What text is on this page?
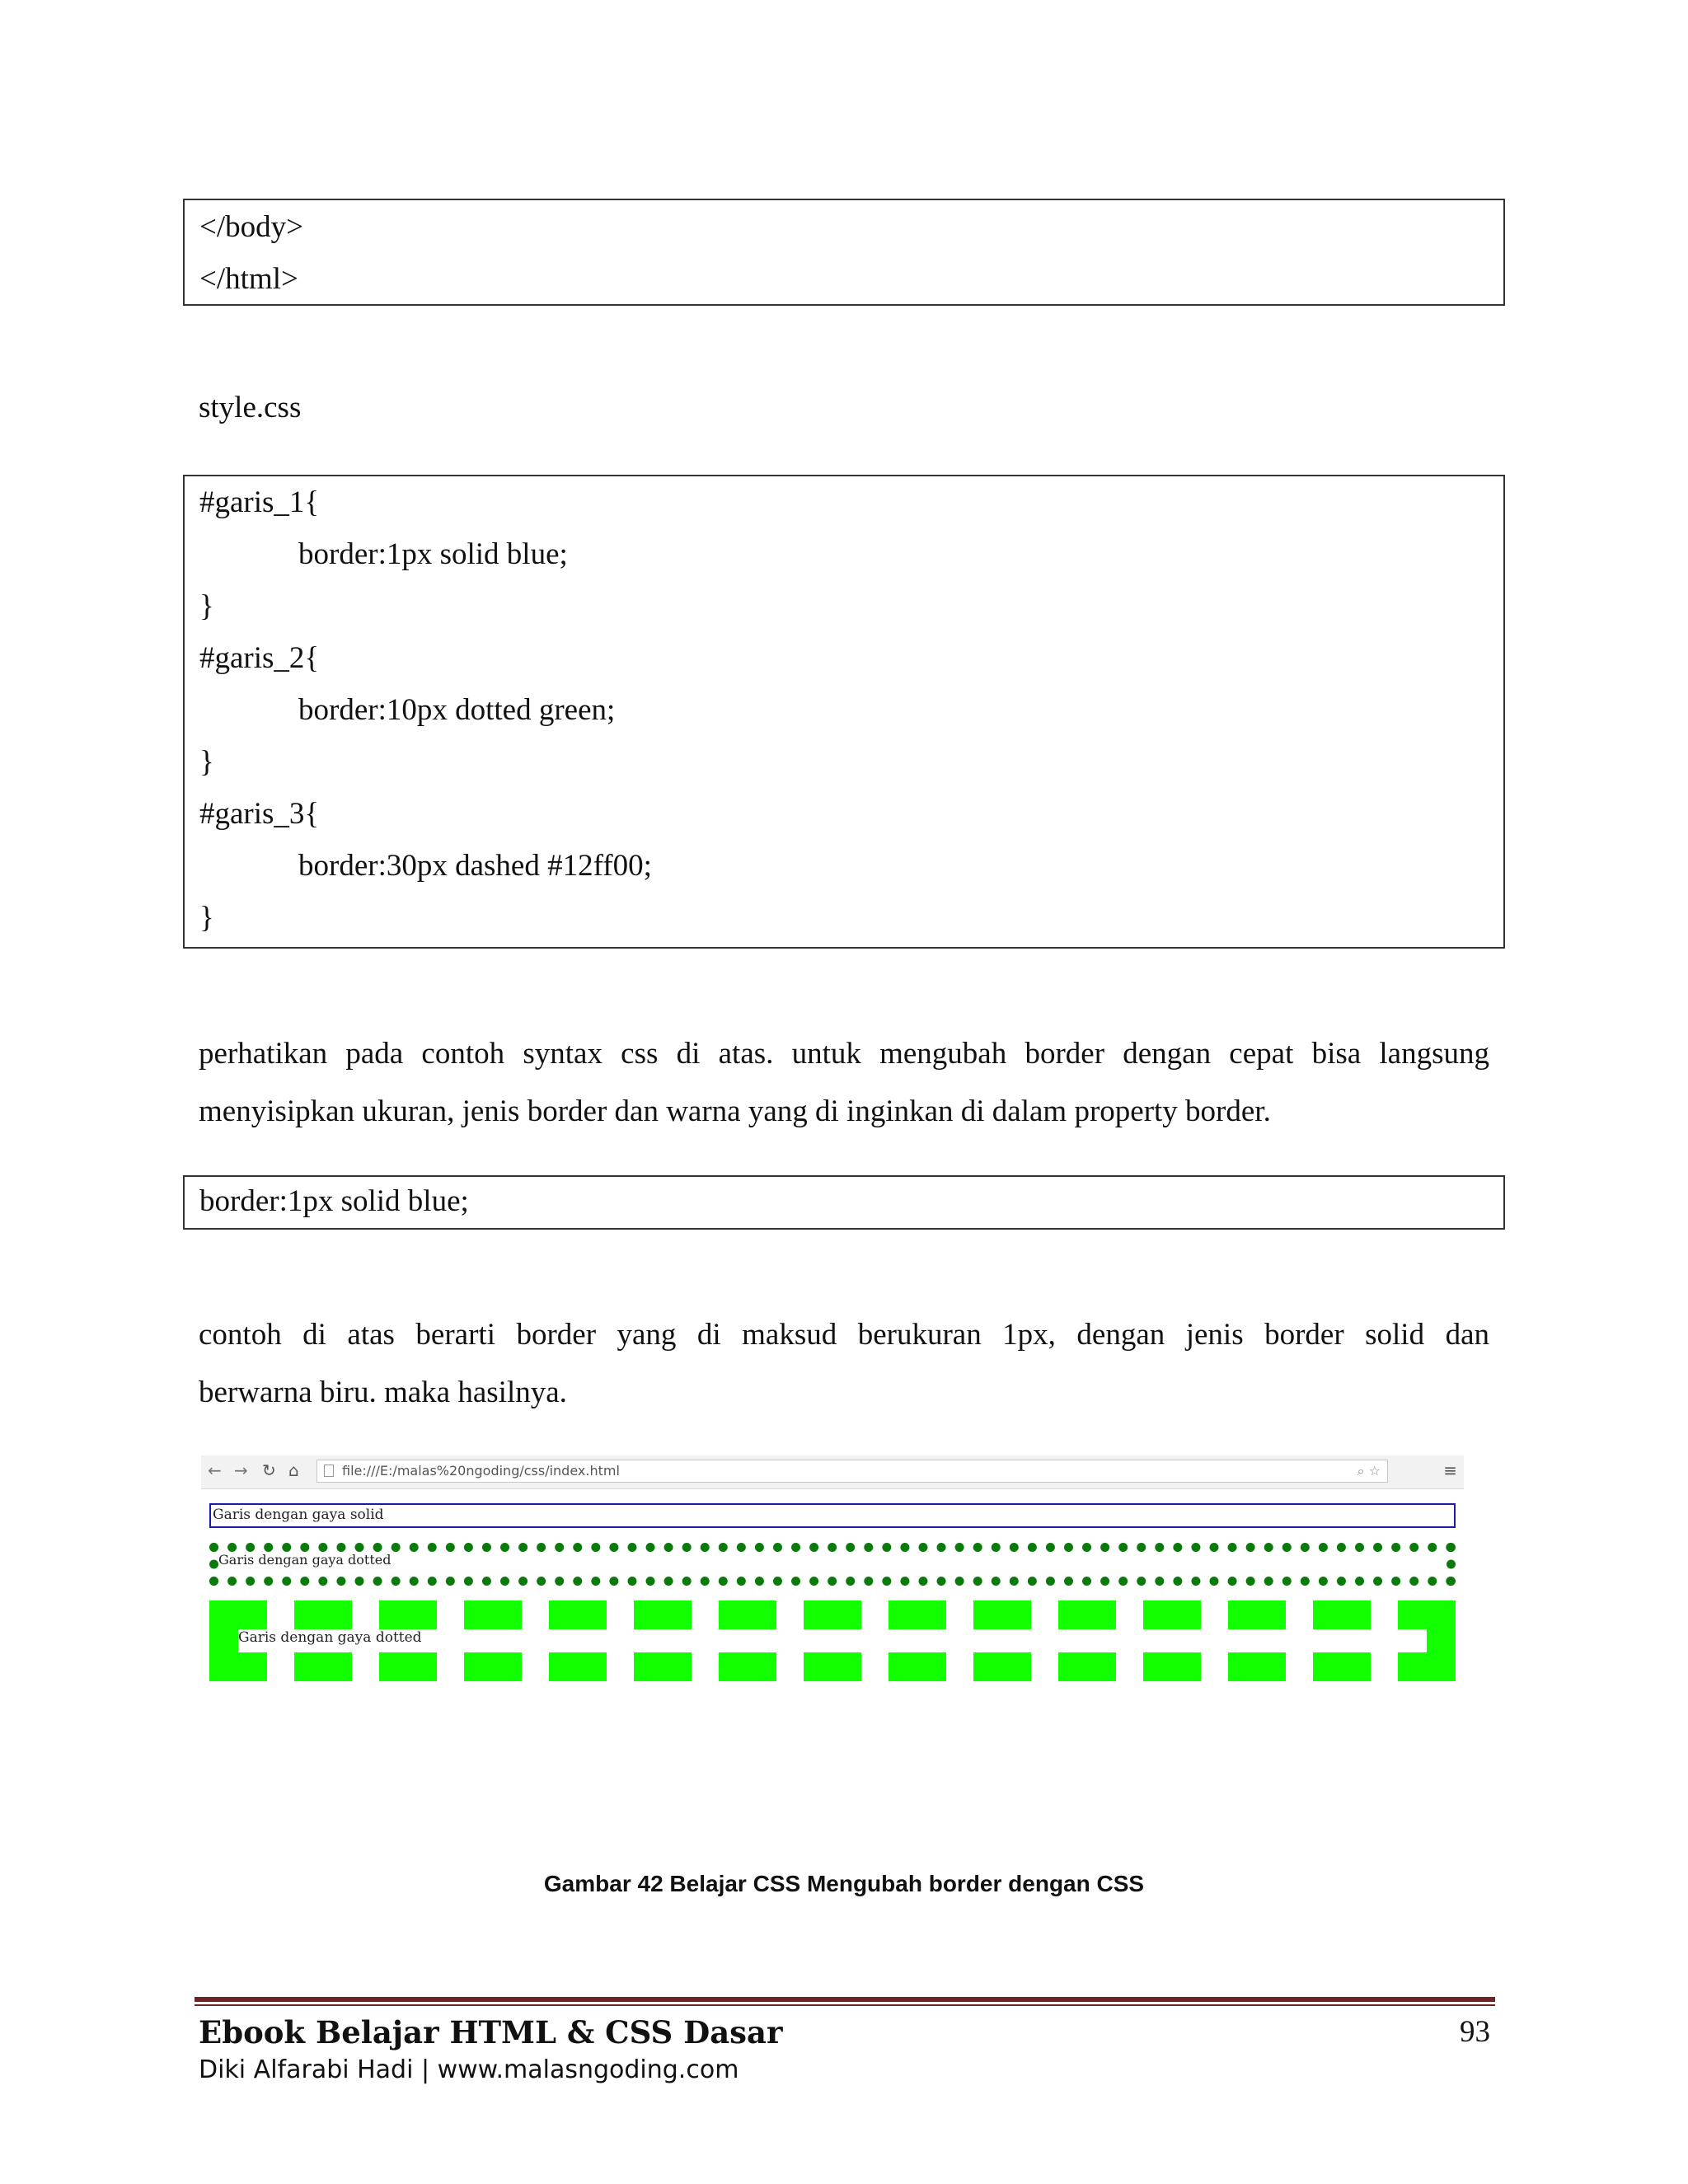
</body>
</html>
style.css
#garis_1{
border:1px solid blue;
}
#garis_2{
border:10px dotted green;
}
#garis_3{
border:30px dashed #12ff00;
}
perhatikan pada contoh syntax css di atas. untuk mengubah border dengan cepat bisa langsung
menyisipkan ukuran, jenis border dan warna yang di inginkan di dalam property border.
border:1px solid blue;
contoh di atas berarti border yang di maksud berukuran 1px, dengan jenis border solid dan
berwarna biru. maka hasilnya.
← → ↻ ⌂	file:///E:/malas%20ngoding/css/index.html	⌕ ☆	≡
Garis dengan gaya solid
Garis dengan gaya dotted
Garis dengan gaya dotted
Gambar 42 Belajar CSS Mengubah border dengan CSS
Ebook Belajar HTML & CSS Dasar
Diki Alfarabi Hadi | www.malasngoding.com
93
